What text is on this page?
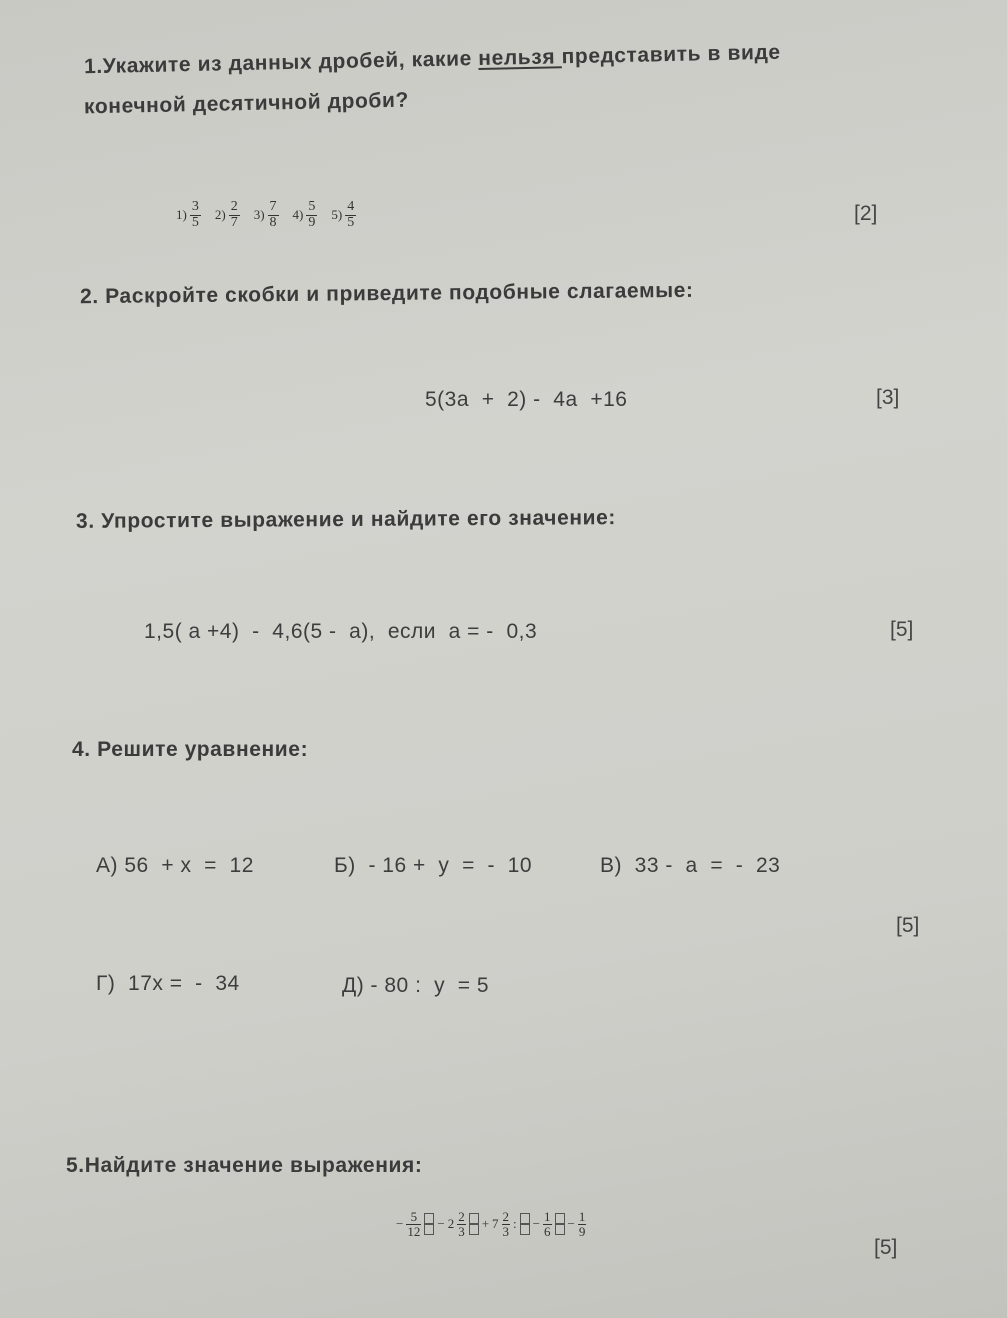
1.Укажите из данных дробей, какие нельзя представить в виде
конечной десятичной дроби?
$1) \frac{3}{5} 2) \frac{2}{7} 3) \frac{7}{8} 4) \frac{5}{9} 5) \frac{4}{5}$	[2]
2. Раскройте скобки и приведите подобные слагаемые:
5(3а  +  2) -  4а  +16	[3]
3. Упростите выражение и найдите его значение:
1,5( а +4)  -  4,6(5 -  а),  если  а = -  0,3	[5]
4. Решите уравнение:
А) 56  + х  =  12	Б)  - 16 +  у  =  -  10	В)  33 -  а  =  -  23
[5]
Г)  17х =  -  34	Д) - 80 :  у  = 5
5.Найдите значение выражения:
− $\frac{5}{12} - 2 \frac{2}{3} + 7 \frac{2}{3}$ : − $\frac{1}{6} - \frac{1}{9}$
[5]
